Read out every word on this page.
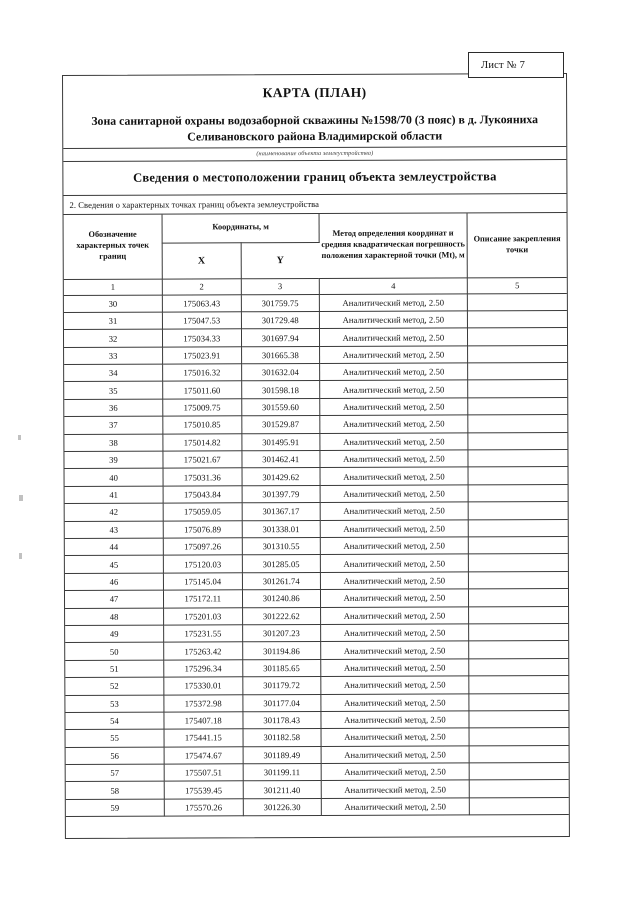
Лист № 7
КАРТА (ПЛАН)
Зона санитарной охраны водозаборной скважины №1598/70 (3 пояс) в д. Лукояниха Селивановского района Владимирской области
(наименование объекта землеустройства)
Сведения о местоположении границ объекта землеустройства
2. Сведения о характерных точках границ объекта землеустройства
Обозначение характерных точек границ	Координаты, м		Метод определения координат и средняя квадратическая погрешность положения характерной точки (Мt), м	Описание закрепления точки
	X	Y		
1	2	3	4	5
30	175063.43	301759.75	Аналитический метод, 2.50	
31	175047.53	301729.48	Аналитический метод, 2.50	
32	175034.33	301697.94	Аналитический метод, 2.50	
33	175023.91	301665.38	Аналитический метод, 2.50	
34	175016.32	301632.04	Аналитический метод, 2.50	
35	175011.60	301598.18	Аналитический метод, 2.50	
36	175009.75	301559.60	Аналитический метод, 2.50	
37	175010.85	301529.87	Аналитический метод, 2.50	
38	175014.82	301495.91	Аналитический метод, 2.50	
39	175021.67	301462.41	Аналитический метод, 2.50	
40	175031.36	301429.62	Аналитический метод, 2.50	
41	175043.84	301397.79	Аналитический метод, 2.50	
42	175059.05	301367.17	Аналитический метод, 2.50	
43	175076.89	301338.01	Аналитический метод, 2.50	
44	175097.26	301310.55	Аналитический метод, 2.50	
45	175120.03	301285.05	Аналитический метод, 2.50	
46	175145.04	301261.74	Аналитический метод, 2.50	
47	175172.11	301240.86	Аналитический метод, 2.50	
48	175201.03	301222.62	Аналитический метод, 2.50	
49	175231.55	301207.23	Аналитический метод, 2.50	
50	175263.42	301194.86	Аналитический метод, 2.50	
51	175296.34	301185.65	Аналитический метод, 2.50	
52	175330.01	301179.72	Аналитический метод, 2.50	
53	175372.98	301177.04	Аналитический метод, 2.50	
54	175407.18	301178.43	Аналитический метод, 2.50	
55	175441.15	301182.58	Аналитический метод, 2.50	
56	175474.67	301189.49	Аналитический метод, 2.50	
57	175507.51	301199.11	Аналитический метод, 2.50	
58	175539.45	301211.40	Аналитический метод, 2.50	
59	175570.26	301226.30	Аналитический метод, 2.50	
